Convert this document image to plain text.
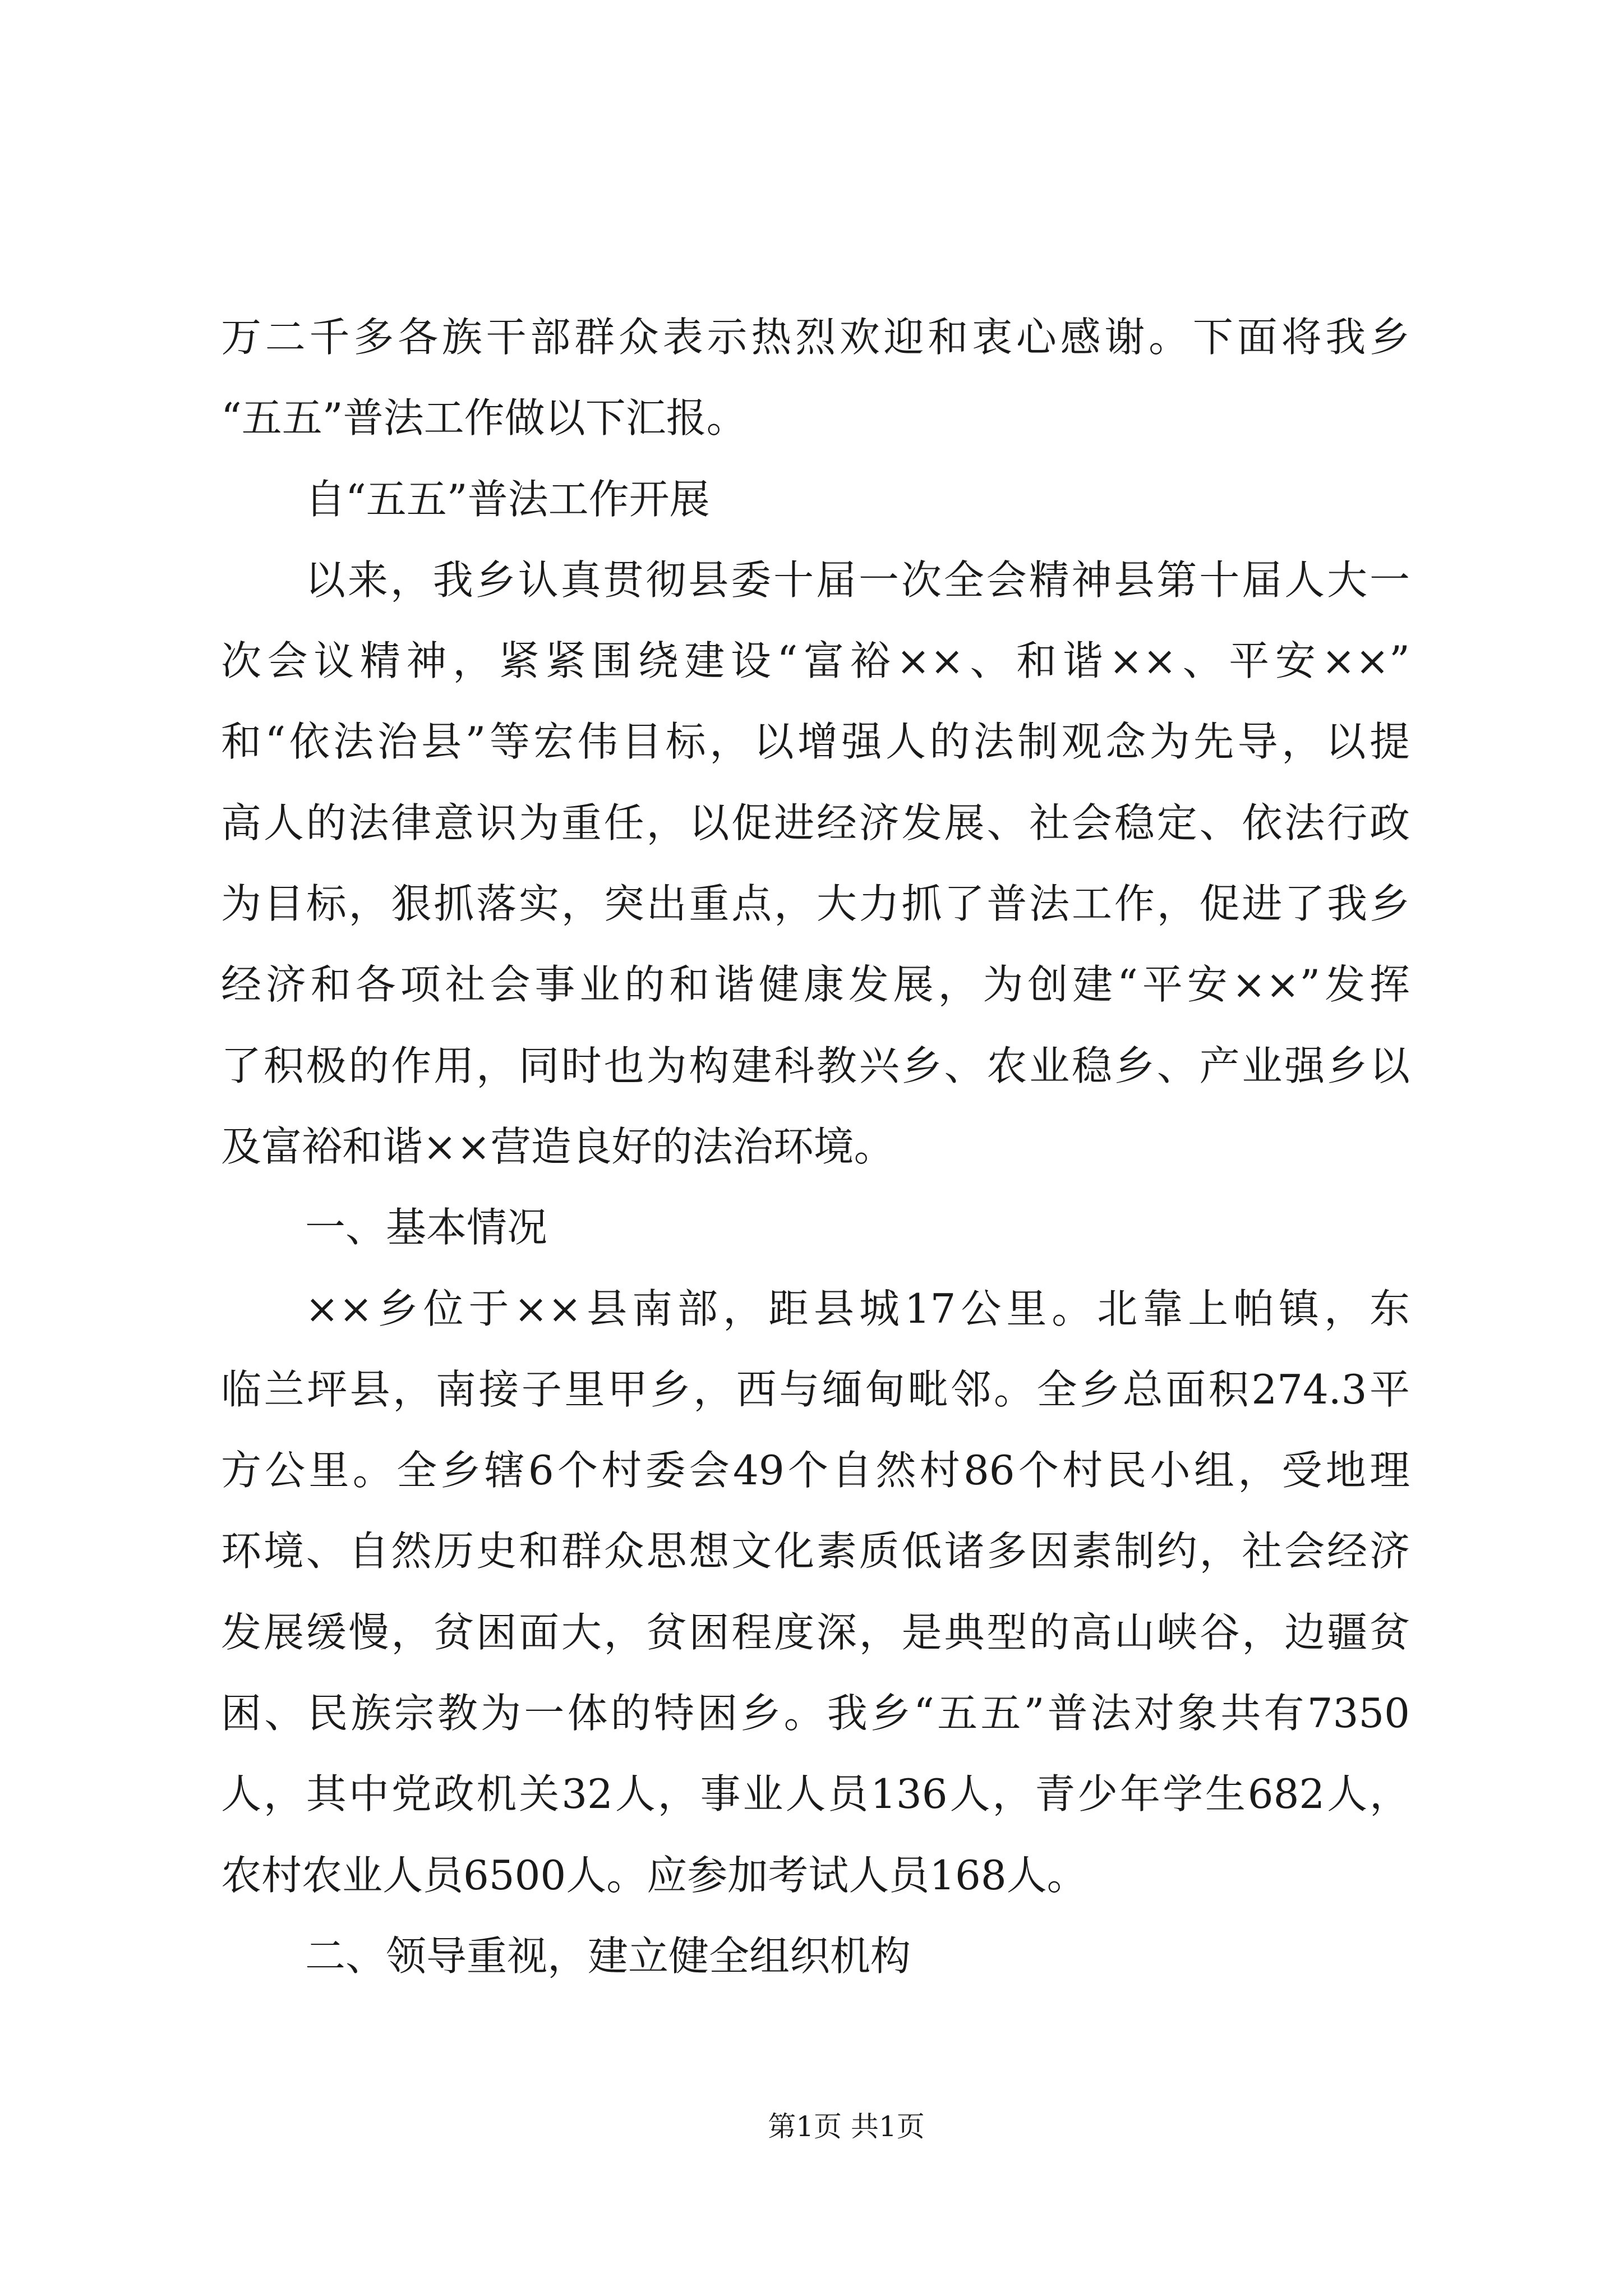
万二千多各族干部群众表示热烈欢迎和衷心感谢。下面将我乡
“五五”普法工作做以下汇报。
自“五五”普法工作开展
以来，我乡认真贯彻县委十届一次全会精神县第十届人大一
次会议精神，紧紧围绕建设“富裕××、和谐××、平安××”
和“依法治县”等宏伟目标，以增强人的法制观念为先导，以提
高人的法律意识为重任，以促进经济发展、社会稳定、依法行政
为目标，狠抓落实，突出重点，大力抓了普法工作，促进了我乡
经济和各项社会事业的和谐健康发展，为创建“平安××”发挥
了积极的作用，同时也为构建科教兴乡、农业稳乡、产业强乡以
及富裕和谐××营造良好的法治环境。
一、基本情况
××乡位于××县南部，距县城17公里。北靠上帕镇，东
临兰坪县，南接子里甲乡，西与缅甸毗邻。全乡总面积274.3平
方公里。全乡辖6个村委会49个自然村86个村民小组，受地理
环境、自然历史和群众思想文化素质低诸多因素制约，社会经济
发展缓慢，贫困面大，贫困程度深，是典型的高山峡谷，边疆贫
困、民族宗教为一体的特困乡。我乡“五五”普法对象共有7350
人，其中党政机关32人，事业人员136人，青少年学生682人，
农村农业人员6500人。应参加考试人员168人。
二、领导重视，建立健全组织机构
第1页 共1页
